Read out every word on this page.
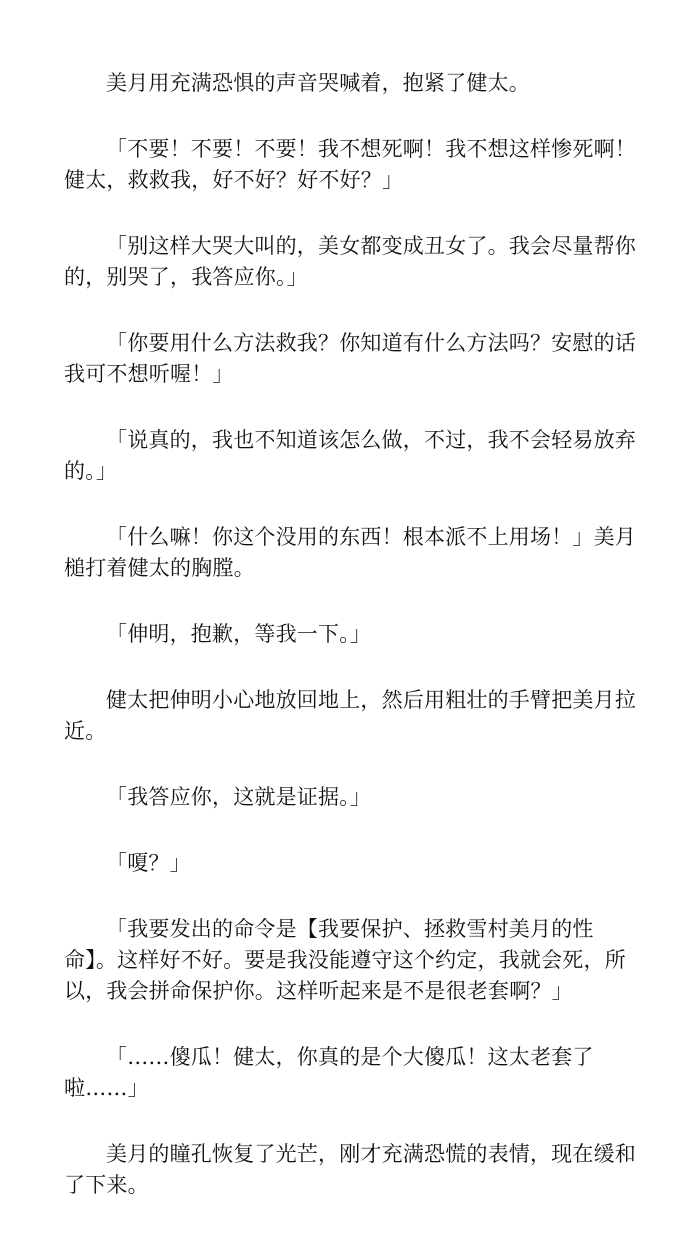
美月用充满恐惧的声音哭喊着，抱紧了健太。

「不要！不要！不要！我不想死啊！我不想这样惨死啊！健太，救救我，好不好？好不好？」

「别这样大哭大叫的，美女都变成丑女了。我会尽量帮你的，别哭了，我答应你。」

「你要用什么方法救我？你知道有什么方法吗？安慰的话我可不想听喔！」

「说真的，我也不知道该怎么做，不过，我不会轻易放弃的。」

「什么嘛！你这个没用的东西！根本派不上用场！」美月槌打着健太的胸膛。

「伸明，抱歉，等我一下。」

健太把伸明小心地放回地上，然后用粗壮的手臂把美月拉近。

「我答应你，这就是证据。」

「嗄？」

「我要发出的命令是【我要保护、拯救雪村美月的性命】。这样好不好。要是我没能遵守这个约定，我就会死，所以，我会拼命保护你。这样听起来是不是很老套啊？」

「……傻瓜！健太，你真的是个大傻瓜！这太老套了啦……」

美月的瞳孔恢复了光芒，刚才充满恐慌的表情，现在缓和了下来。
